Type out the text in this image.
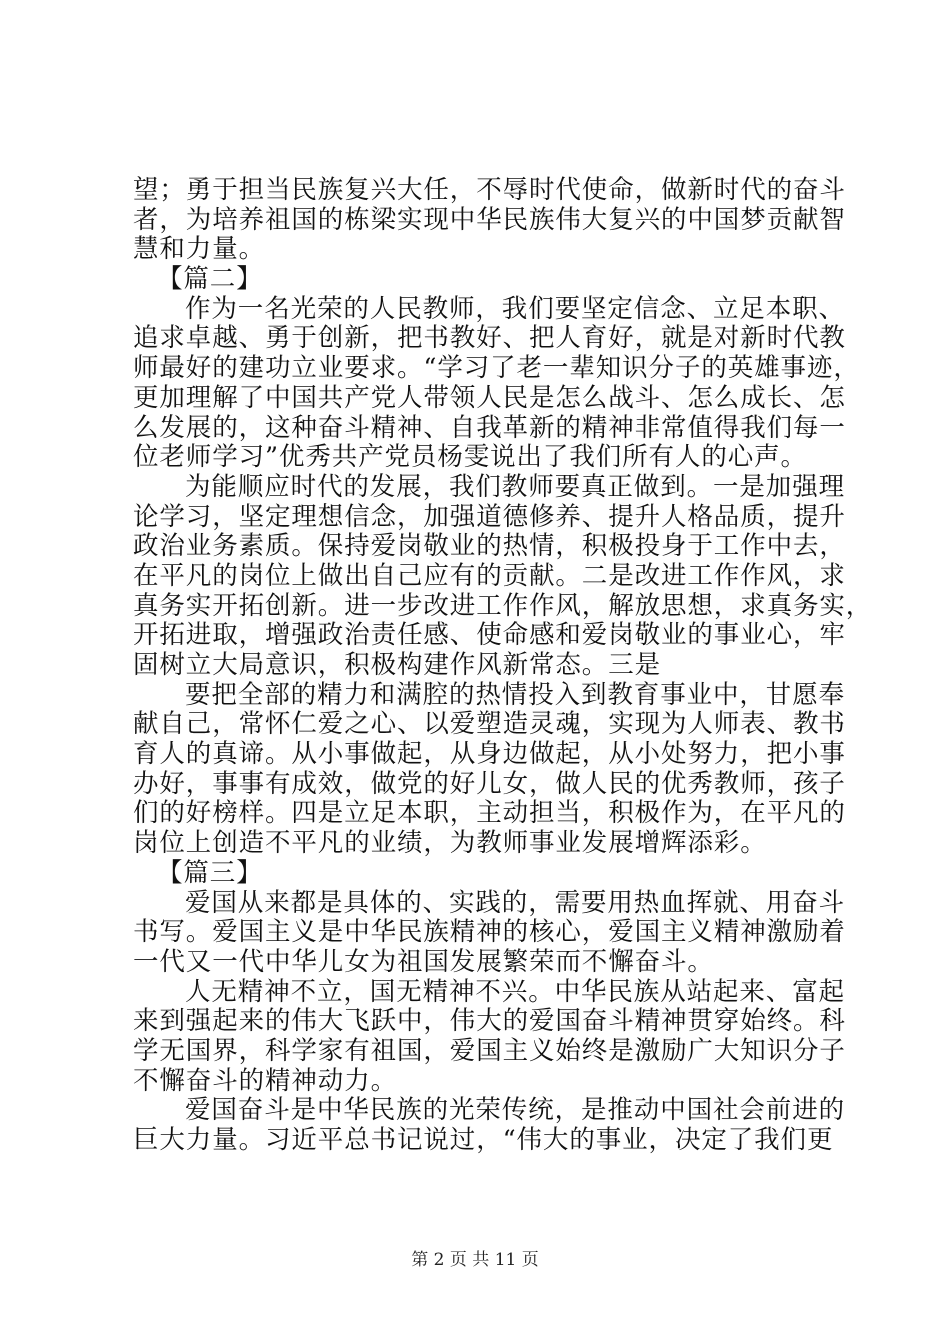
望；勇于担当民族复兴大任，不辱时代使命，做新时代的奋斗
者，为培养祖国的栋梁实现中华民族伟大复兴的中国梦贡献智
慧和力量。
【篇二】
作为一名光荣的人民教师，我们要坚定信念、立足本职、
追求卓越、勇于创新，把书教好、把人育好，就是对新时代教
师最好的建功立业要求。“学习了老一辈知识分子的英雄事迹，
更加理解了中国共产党人带领人民是怎么战斗、怎么成长、怎
么发展的，这种奋斗精神、自我革新的精神非常值得我们每一
位老师学习”优秀共产党员杨雯说出了我们所有人的心声。
为能顺应时代的发展，我们教师要真正做到。一是加强理
论学习，坚定理想信念，加强道德修养、提升人格品质，提升
政治业务素质。保持爱岗敬业的热情，积极投身于工作中去，
在平凡的岗位上做出自己应有的贡献。二是改进工作作风，求
真务实开拓创新。进一步改进工作作风，解放思想，求真务实，
开拓进取，增强政治责任感、使命感和爱岗敬业的事业心，牢
固树立大局意识，积极构建作风新常态。三是
要把全部的精力和满腔的热情投入到教育事业中，甘愿奉
献自己，常怀仁爱之心、以爱塑造灵魂，实现为人师表、教书
育人的真谛。从小事做起，从身边做起，从小处努力，把小事
办好，事事有成效，做党的好儿女，做人民的优秀教师，孩子
们的好榜样。四是立足本职，主动担当，积极作为，在平凡的
岗位上创造不平凡的业绩，为教师事业发展增辉添彩。
【篇三】
爱国从来都是具体的、实践的，需要用热血挥就、用奋斗
书写。爱国主义是中华民族精神的核心，爱国主义精神激励着
一代又一代中华儿女为祖国发展繁荣而不懈奋斗。
人无精神不立，国无精神不兴。中华民族从站起来、富起
来到强起来的伟大飞跃中，伟大的爱国奋斗精神贯穿始终。科
学无国界，科学家有祖国，爱国主义始终是激励广大知识分子
不懈奋斗的精神动力。
爱国奋斗是中华民族的光荣传统，是推动中国社会前进的
巨大力量。习近平总书记说过，“伟大的事业，决定了我们更
第 2 页 共 11 页
